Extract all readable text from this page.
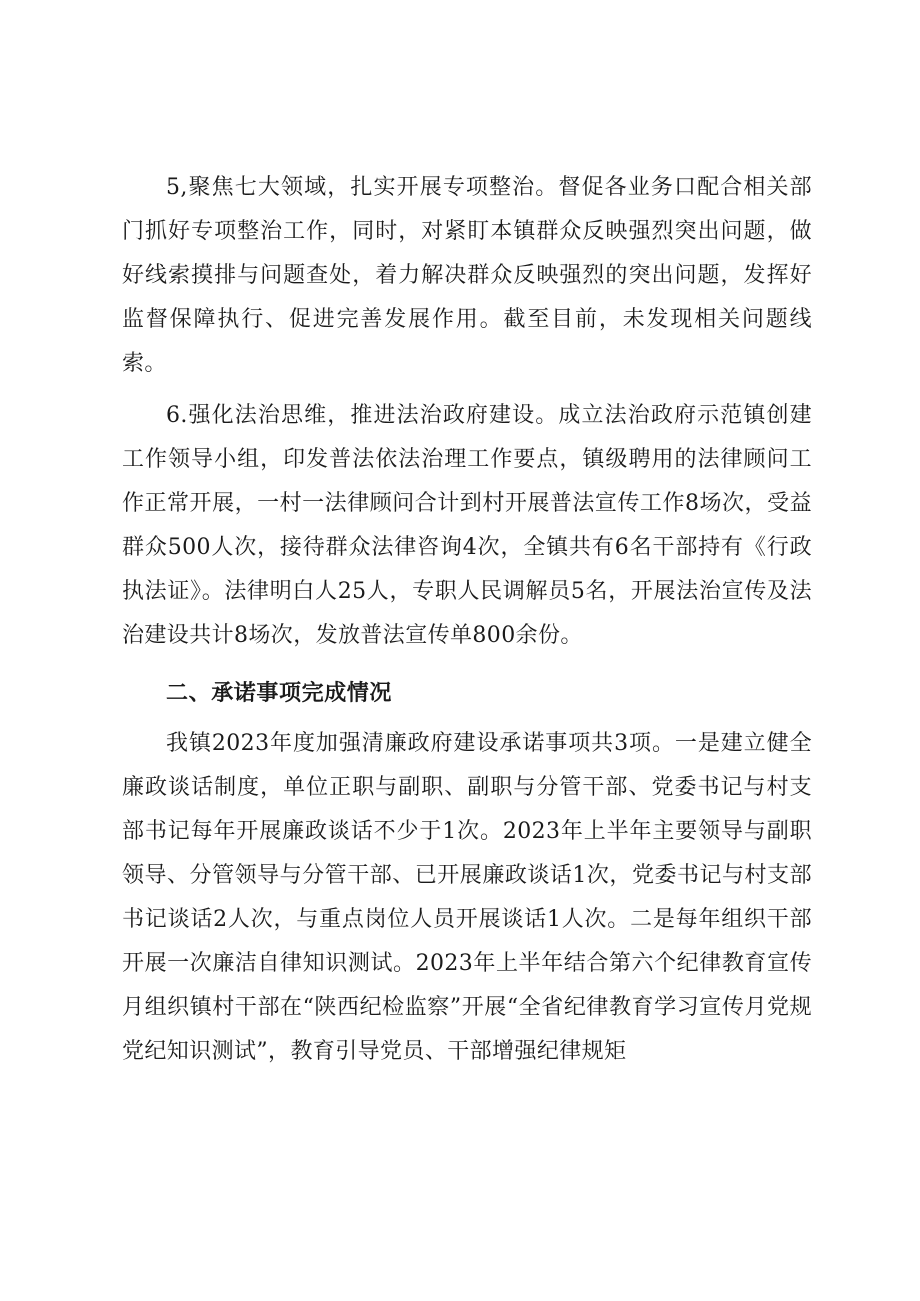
5,聚焦七大领域，扎实开展专项整治。督促各业务口配合相关部门抓好专项整治工作，同时，对紧盯本镇群众反映强烈突出问题，做好线索摸排与问题查处，着力解决群众反映强烈的突出问题，发挥好监督保障执行、促进完善发展作用。截至目前，未发现相关问题线索。

6.强化法治思维，推进法治政府建设。成立法治政府示范镇创建工作领导小组，印发普法依法治理工作要点，镇级聘用的法律顾问工作正常开展，一村一法律顾问合计到村开展普法宣传工作8场次，受益群众500人次，接待群众法律咨询4次，全镇共有6名干部持有《行政执法证》。法律明白人25人，专职人民调解员5名，开展法治宣传及法治建设共计8场次，发放普法宣传单800余份。

二、承诺事项完成情况

我镇2023年度加强清廉政府建设承诺事项共3项。一是建立健全廉政谈话制度，单位正职与副职、副职与分管干部、党委书记与村支部书记每年开展廉政谈话不少于1次。2023年上半年主要领导与副职领导、分管领导与分管干部、已开展廉政谈话1次，党委书记与村支部书记谈话2人次，与重点岗位人员开展谈话1人次。二是每年组织干部开展一次廉洁自律知识测试。2023年上半年结合第六个纪律教育宣传月组织镇村干部在“陕西纪检监察”开展“全省纪律教育学习宣传月党规党纪知识测试”，教育引导党员、干部增强纪律规矩
